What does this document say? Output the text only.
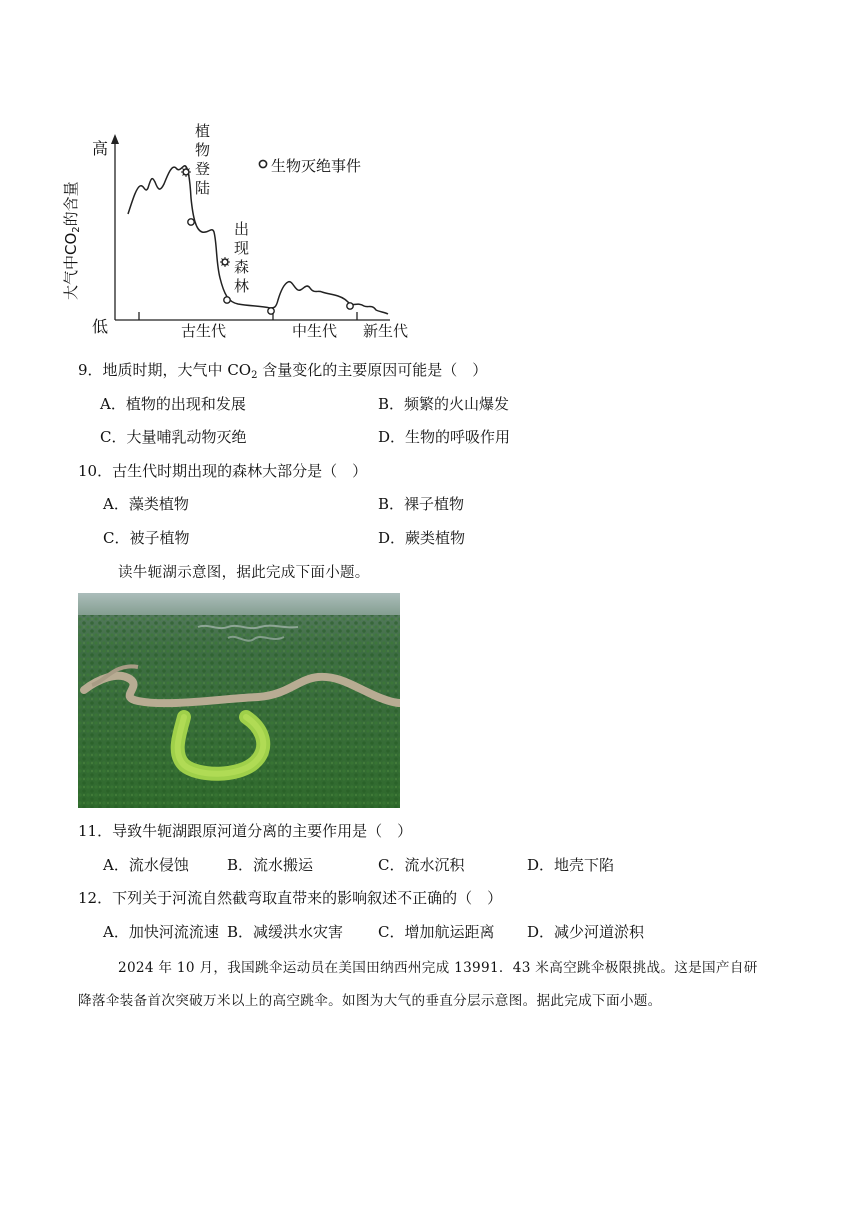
高
低
大气中$CO_2$的含量
生物灭绝事件
植物登陆
出现森林
古生代	中生代 新生代
9．地质时期，大气中 $CO_2$ 含量变化的主要原因可能是（　）
A．植物的出现和发展	B．频繁的火山爆发
C．大量哺乳动物灭绝	D．生物的呼吸作用
10．古生代时期出现的森林大部分是（　）
A．藻类植物	B．裸子植物
C．被子植物	D．蕨类植物
读牛轭湖示意图，据此完成下面小题。
11．导致牛轭湖跟原河道分离的主要作用是（　）
A．流水侵蚀	B．流水搬运	C．流水沉积	D．地壳下陷
12．下列关于河流自然截弯取直带来的影响叙述不正确的（　）
A．加快河流流速 B．减缓洪水灾害 C．增加航运距离 D．减少河道淤积
2024 年 10 月，我国跳伞运动员在美国田纳西州完成 13991．43 米高空跳伞极限挑战。这是国产自研
降落伞装备首次突破万米以上的高空跳伞。如图为大气的垂直分层示意图。据此完成下面小题。
